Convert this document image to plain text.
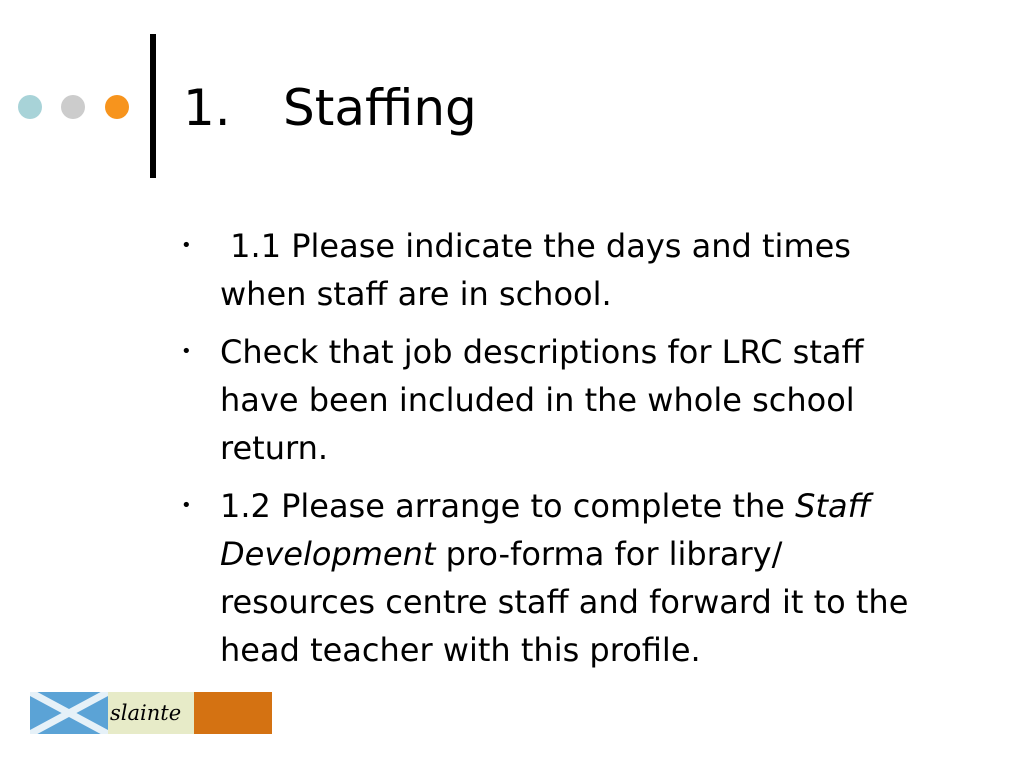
1. Staffing
• 1.1 Please indicate the days and times when staff are in school.
• Check that job descriptions for LRC staff have been included in the whole school return.
• 1.2 Please arrange to complete the Staff Development pro-forma for library/ resources centre staff and forward it to the head teacher with this profile.
slainte
